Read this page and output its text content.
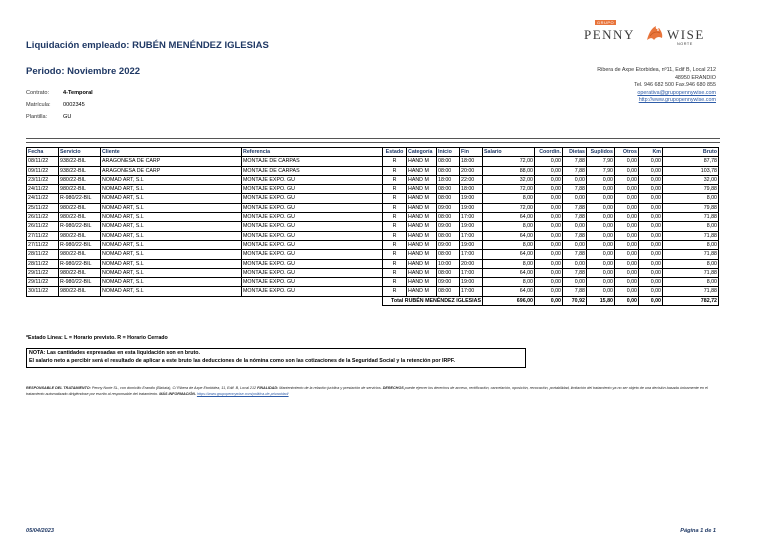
Liquidación empleado: RUBÉN MENÉNDEZ IGLESIAS
Periodo: Noviembre 2022
Contrato: 4-Temporal
Matrícula: 0002345
Plantilla:	GU
GRUPO
PENNY WISE
NORTE
Ribera de Axpe Etorbidea, nº11, Edif B, Local 212
48950 ERANDIO
Tel. 946 682 500 Fax.946 680 855
operativa@grupopennywise.com
http://www.grupopennywise.com
Fecha	Servicio	Cliente	Referencia	Estado	Categoría	Inicio	Fin	Salario	Coordin.	Dietas	Suplidos	Otros	Km	Bruto
08/11/22	938/22-BIL	ARAGONESA DE CARP	MONTAJE DE CARPAS	R	HAND M	08:00	18:00	72,00	0,00	7,88	7,90	0,00	0,00	87,78
09/11/22	938/22-BIL	ARAGONESA DE CARP	MONTAJE DE CARPAS	R	HAND M	08:00	20:00	88,00	0,00	7,88	7,90	0,00	0,00	103,78
23/11/22	980/22-BIL	NOMAD ART, S.L	MONTAJE EXPO. GU	R	HAND M	18:00	22:00	32,00	0,00	0,00	0,00	0,00	0,00	32,00
24/11/22	980/22-BIL	NOMAD ART, S.L	MONTAJE EXPO. GU	R	HAND M	08:00	18:00	72,00	0,00	7,88	0,00	0,00	0,00	79,88
24/11/22	R-980/22-BIL	NOMAD ART, S.L	MONTAJE EXPO. GU	R	HAND M	08:00	19:00	8,00	0,00	0,00	0,00	0,00	0,00	8,00
25/11/22	980/22-BIL	NOMAD ART, S.L	MONTAJE EXPO. GU	R	HAND M	09:00	19:00	72,00	0,00	7,88	0,00	0,00	0,00	79,88
26/11/22	980/22-BIL	NOMAD ART, S.L	MONTAJE EXPO. GU	R	HAND M	08:00	17:00	64,00	0,00	7,88	0,00	0,00	0,00	71,88
26/11/22	R-980/22-BIL	NOMAD ART, S.L	MONTAJE EXPO. GU	R	HAND M	09:00	19:00	8,00	0,00	0,00	0,00	0,00	0,00	8,00
27/11/22	980/22-BIL	NOMAD ART, S.L	MONTAJE EXPO. GU	R	HAND M	08:00	17:00	64,00	0,00	7,88	0,00	0,00	0,00	71,88
27/11/22	R-980/22-BIL	NOMAD ART, S.L	MONTAJE EXPO. GU	R	HAND M	09:00	19:00	8,00	0,00	0,00	0,00	0,00	0,00	8,00
28/11/22	980/22-BIL	NOMAD ART, S.L	MONTAJE EXPO. GU	R	HAND M	08:00	17:00	64,00	0,00	7,88	0,00	0,00	0,00	71,88
28/11/22	R-980/22-BIL	NOMAD ART, S.L	MONTAJE EXPO. GU	R	HAND M	10:00	20:00	8,00	0,00	0,00	0,00	0,00	0,00	8,00
29/11/22	980/22-BIL	NOMAD ART, S.L	MONTAJE EXPO. GU	R	HAND M	08:00	17:00	64,00	0,00	7,88	0,00	0,00	0,00	71,88
29/11/22	R-980/22-BIL	NOMAD ART, S.L	MONTAJE EXPO. GU	R	HAND M	09:00	19:00	8,00	0,00	0,00	0,00	0,00	0,00	8,00
30/11/22	980/22-BIL	NOMAD ART, S.L	MONTAJE EXPO. GU	R	HAND M	08:00	17:00	64,00	0,00	7,88	0,00	0,00	0,00	71,88
				Total RUBÉN MENÉNDEZ IGLESIAS				696,00	0,00	70,92	15,80	0,00	0,00	782,72
*Estado Línea: L = Horario previsto. R = Horario Cerrado
NOTA: Las cantidades expresadas en esta liquidación son en bruto.
El salario neto a percibir será el resultado de aplicar a este bruto las deducciones de la nómina como son las cotizaciones de la Seguridad Social y la retención por IRPF.
RESPONSABLE DEL TRATAMIENTO: Penny Norte SL, con domicilio Erandio (Bizkaia), C/ Ribera de Axpe Etorbidea, 11, Edif. B, Local 212 FINALIDAD: Mantenimiento de la relación jurídica y prestación de servicios. DERECHOS puede ejercer los derechos de acceso, rectificación, cancelación, oposición, revocación, portabilidad, limitación del tratamiento ya no ser objeto de una decisión basada únicamente en el tratamiento automatizado dirigiéndose por escrito al responsable del tratamiento. MÁS INFORMACIÓN. https://www.grupopennywise.com/politica-de-privacidad/
05/04/2023	Página 1 de 1
